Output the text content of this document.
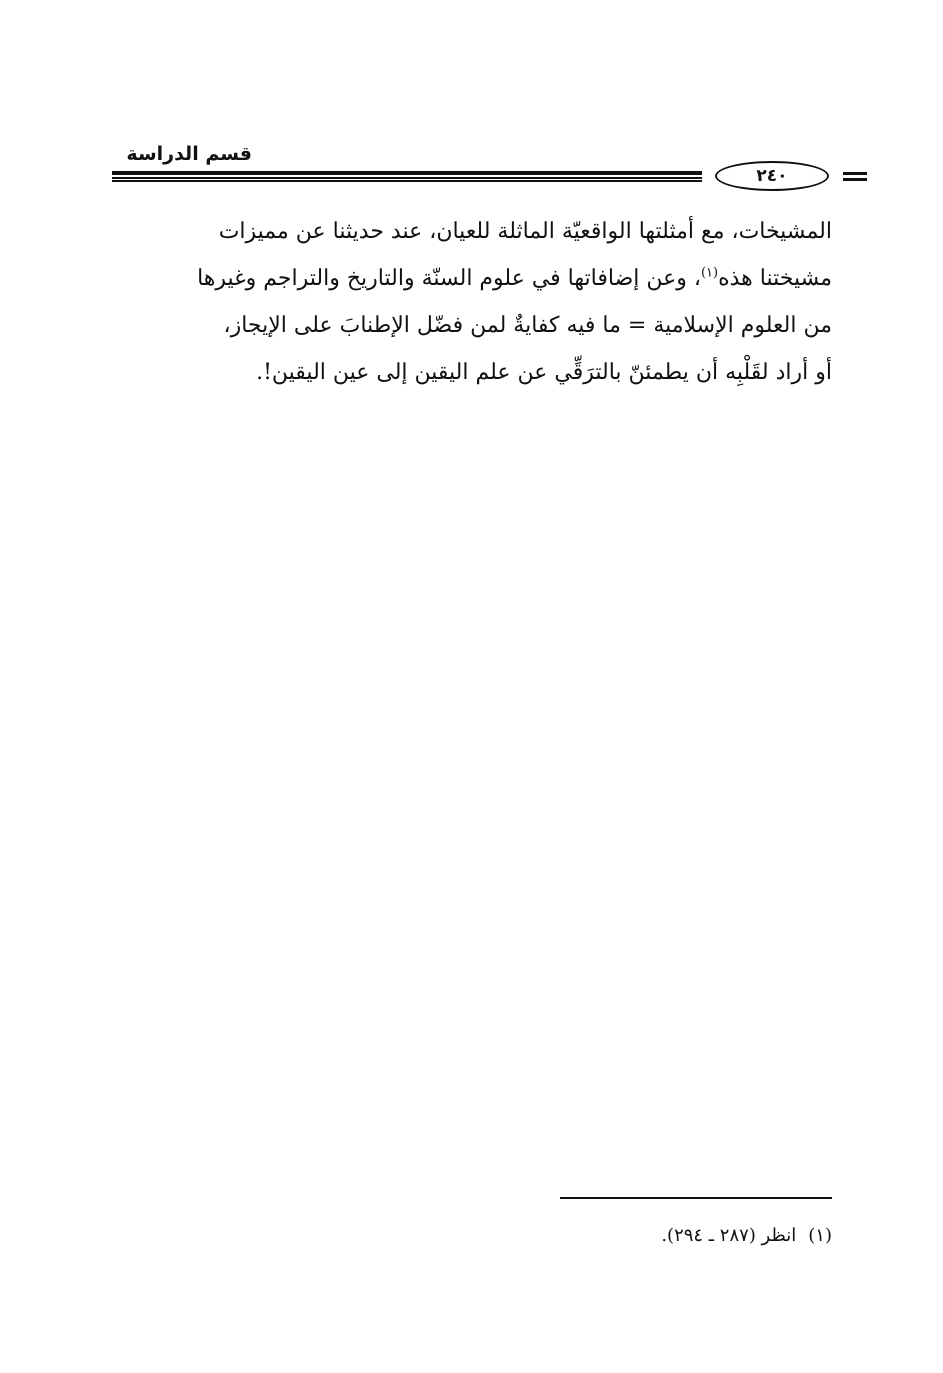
قسم الدراسة
٢٤٠
المشيخات، مع أمثلتها الواقعيّة الماثلة للعيان، عند حديثنا عن مميزات
مشيختنا هذه$^{(١)}$، وعن إضافاتها في علوم السنّة والتاريخ والتراجم وغيرها
من العلوم الإسلامية = ما فيه كفايةٌ لمن فضّل الإطنابَ على الإيجاز،
أو أراد لقَلْبِه أن يطمئنّ بالترَقِّي عن علم اليقين إلى عين اليقين!.
(١)انظر (٢٨٧ ـ ٢٩٤).
